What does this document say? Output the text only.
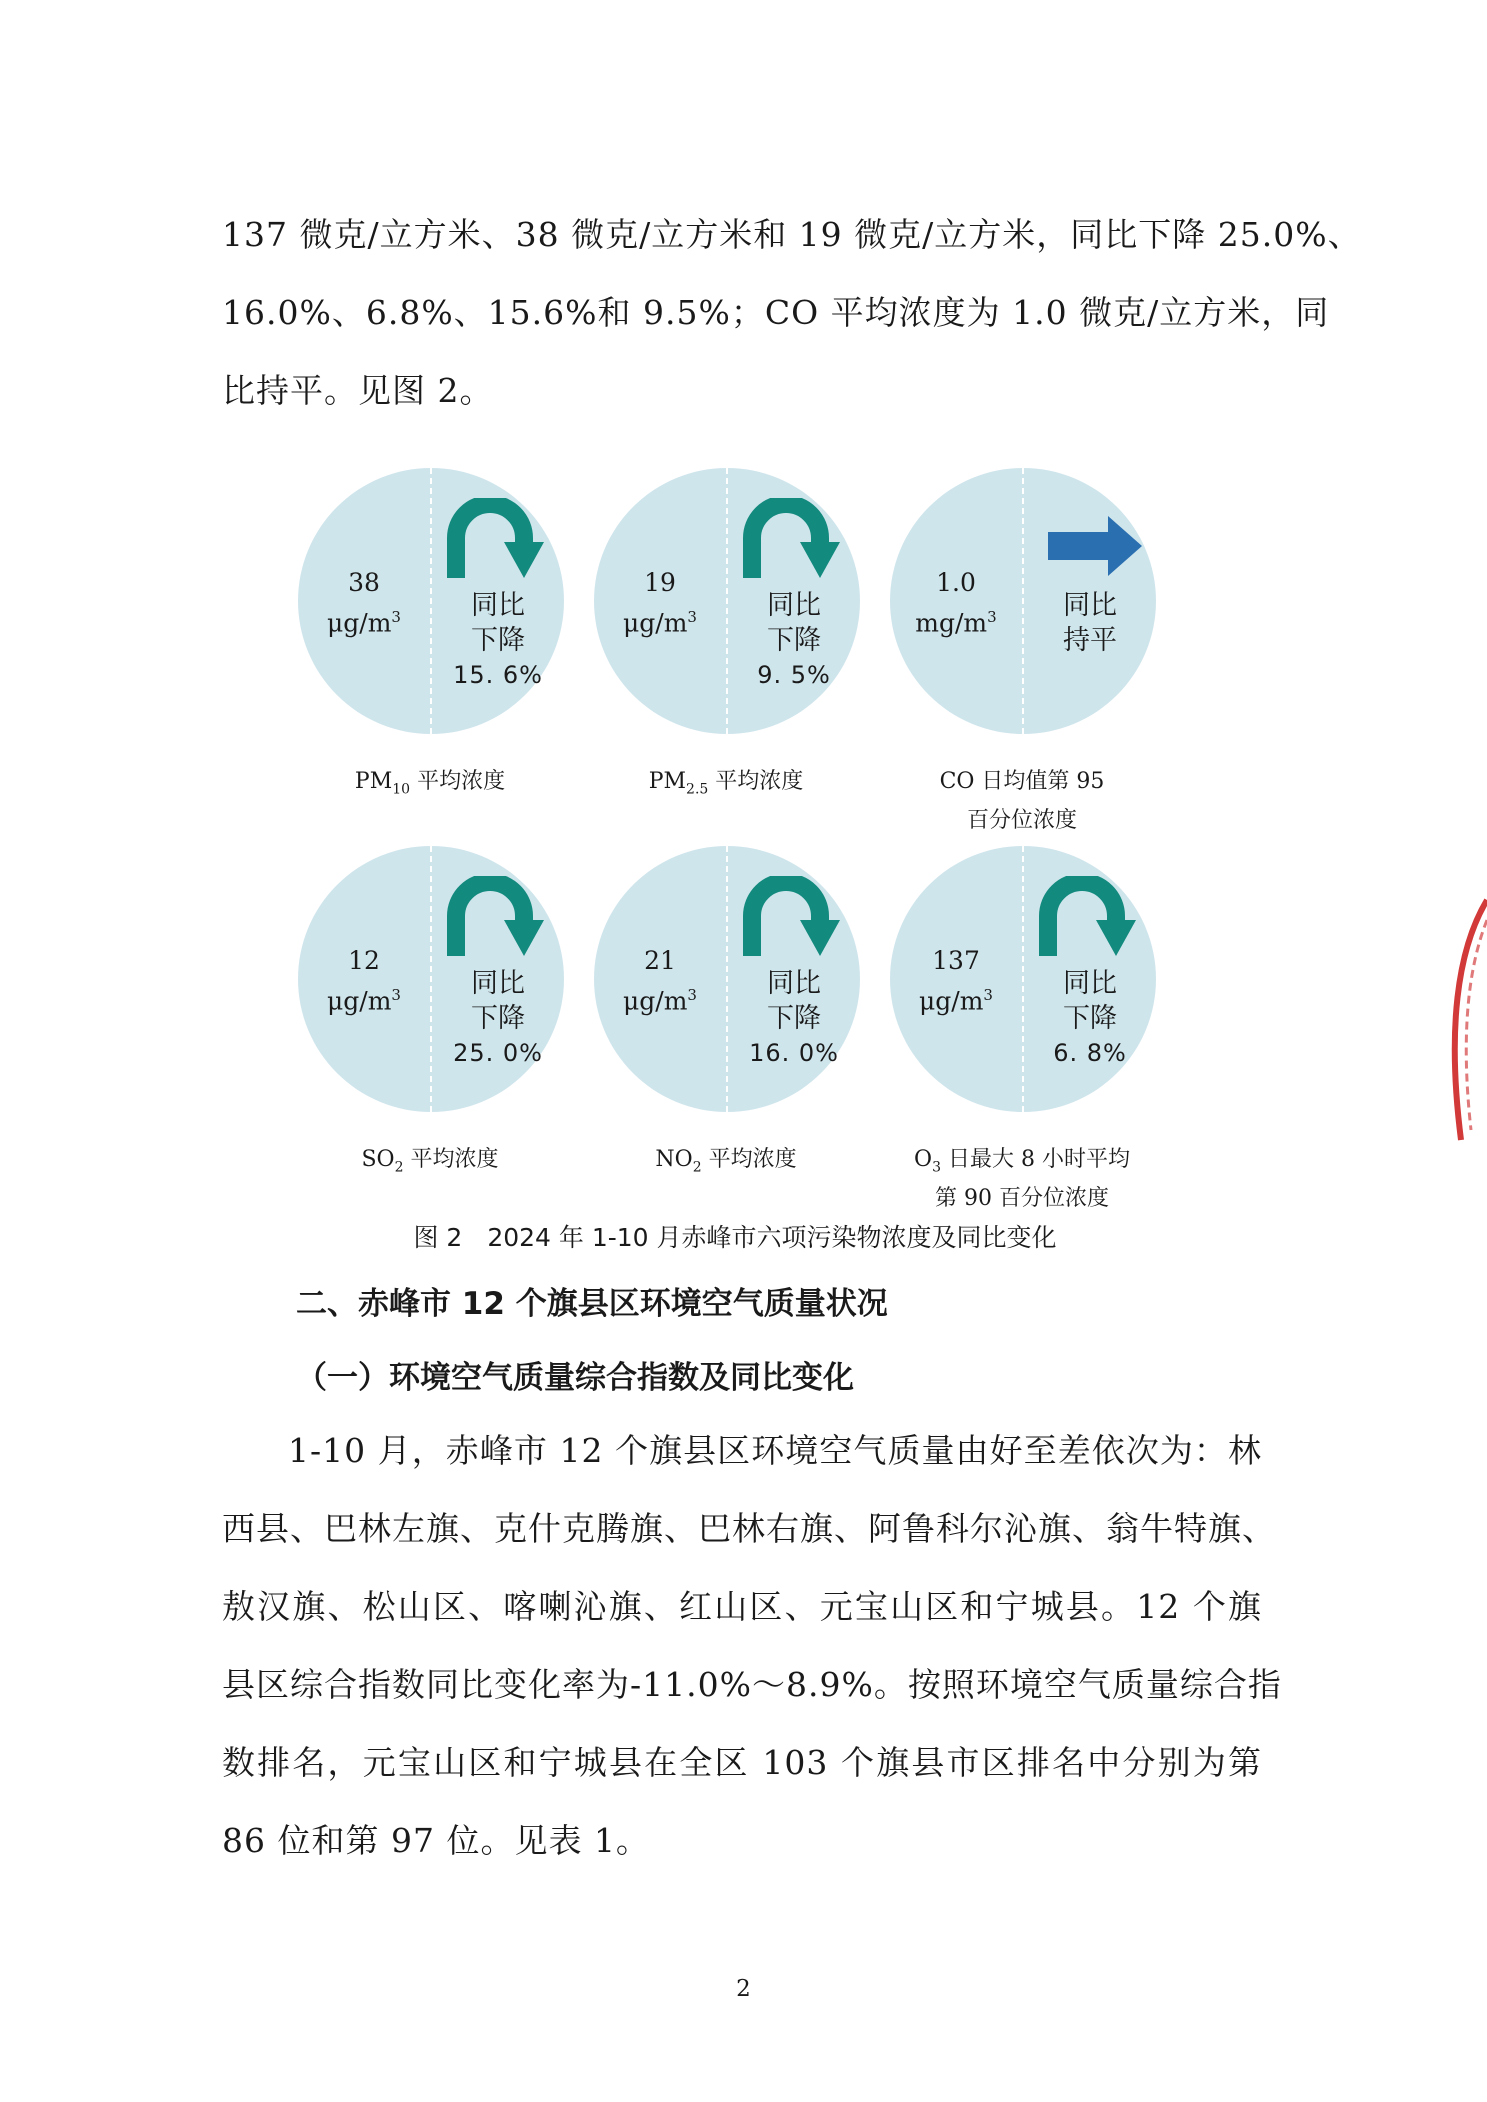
137 微克/立方米、38 微克/立方米和 19 微克/立方米，同比下降 25.0%、
16.0%、6.8%、15.6%和 9.5%；CO 平均浓度为 1.0 微克/立方米，同
比持平。见图 2。
38
$\mu g/m^3$	同比
下降
15. 6%
$PM_{10}$ 平均浓度
19
$\mu g/m^3$	同比
下降
9. 5%
$PM_{2.5}$ 平均浓度
1.0
$mg/m^3$	同比
持平
CO 日均值第 95
百分位浓度
12
$\mu g/m^3$	同比
下降
25. 0%
$SO_2$ 平均浓度
21
$\mu g/m^3$	同比
下降
16. 0%
$NO_2$ 平均浓度
137
$\mu g/m^3$	同比
下降
6. 8%
$O_3$ 日最大 8 小时平均
第 90 百分位浓度
图 2　2024 年 1-10 月赤峰市六项污染物浓度及同比变化
二、赤峰市 12 个旗县区环境空气质量状况
（一）环境空气质量综合指数及同比变化
1-10 月，赤峰市 12 个旗县区环境空气质量由好至差依次为：林
西县、巴林左旗、克什克腾旗、巴林右旗、阿鲁科尔沁旗、翁牛特旗、
敖汉旗、松山区、喀喇沁旗、红山区、元宝山区和宁城县。12 个旗
县区综合指数同比变化率为-11.0%～8.9%。按照环境空气质量综合指
数排名，元宝山区和宁城县在全区 103 个旗县市区排名中分别为第
86 位和第 97 位。见表 1。
2
